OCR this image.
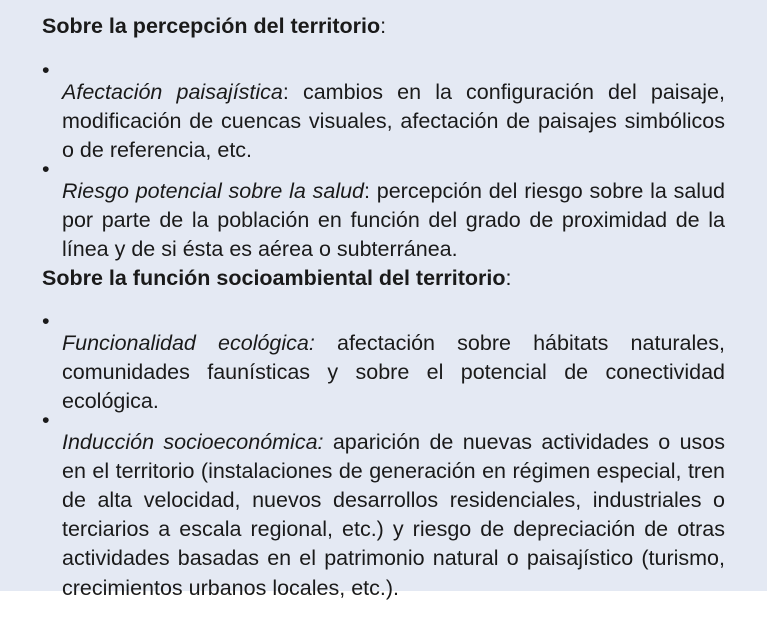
Sobre la percepción del territorio:
•

Afectación paisajística: cambios en la configuración del paisaje, modificación de cuencas visuales, afectación de paisajes simbólicos o de referencia, etc.

•

Riesgo potencial sobre la salud: percepción del riesgo sobre la salud por parte de la población en función del grado de proximidad de la línea y de si ésta es aérea o subterránea.

Sobre la función socioambiental del territorio:
•

Funcionalidad ecológica: afectación sobre hábitats naturales, comunidades faunísticas y sobre el potencial de conectividad ecológica.

•

Inducción socioeconómica: aparición de nuevas actividades o usos en el territorio (instalaciones de generación en régimen especial, tren de alta velocidad, nuevos desarrollos residenciales, industriales o terciarios a escala regional, etc.) y riesgo de depreciación de otras actividades basadas en el patrimonio natural o paisajístico (turismo, crecimientos urbanos locales, etc.).
